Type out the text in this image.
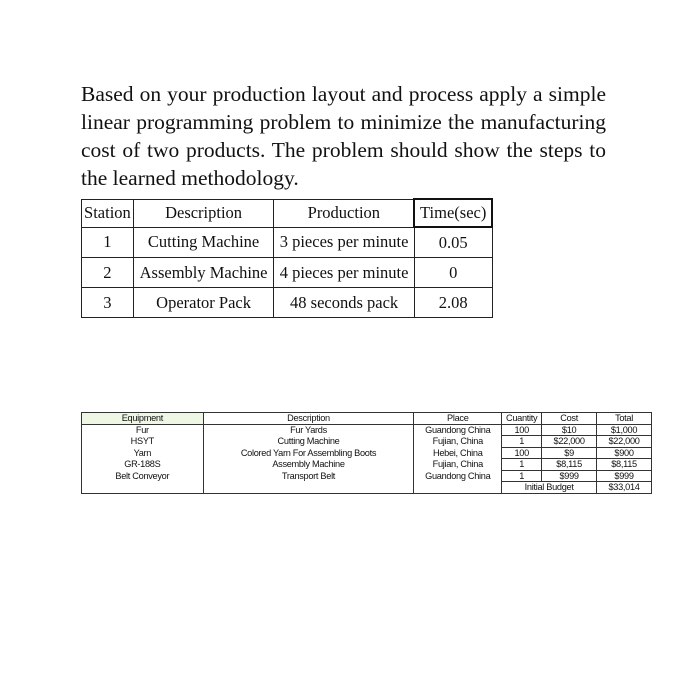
Based on your production layout and process apply a simple linear programming problem to minimize the manufacturing cost of two products. The problem should show the steps to the learned methodology.

Station	Description	Production	Time(sec)
1	Cutting Machine	3 pieces per minute	0.05
2	Assembly Machine	4 pieces per minute	0
3	Operator Pack	48 seconds pack	2.08
Equipment	Description	Place	Cuantity	Cost	Total
Fur	Fur Yards	Guandong China	100	$10	$1,000
HSYT	Cutting Machine	Fujian, China	1	$22,000	$22,000
Yarn	Colored Yarn For Assembling Boots	Hebei, China	100	$9	$900
GR-188S	Assembly Machine	Fujian, China	1	$8,115	$8,115
Belt Conveyor	Transport Belt	Guandong China	1	$999	$999
			Initial Budget		$33,014
